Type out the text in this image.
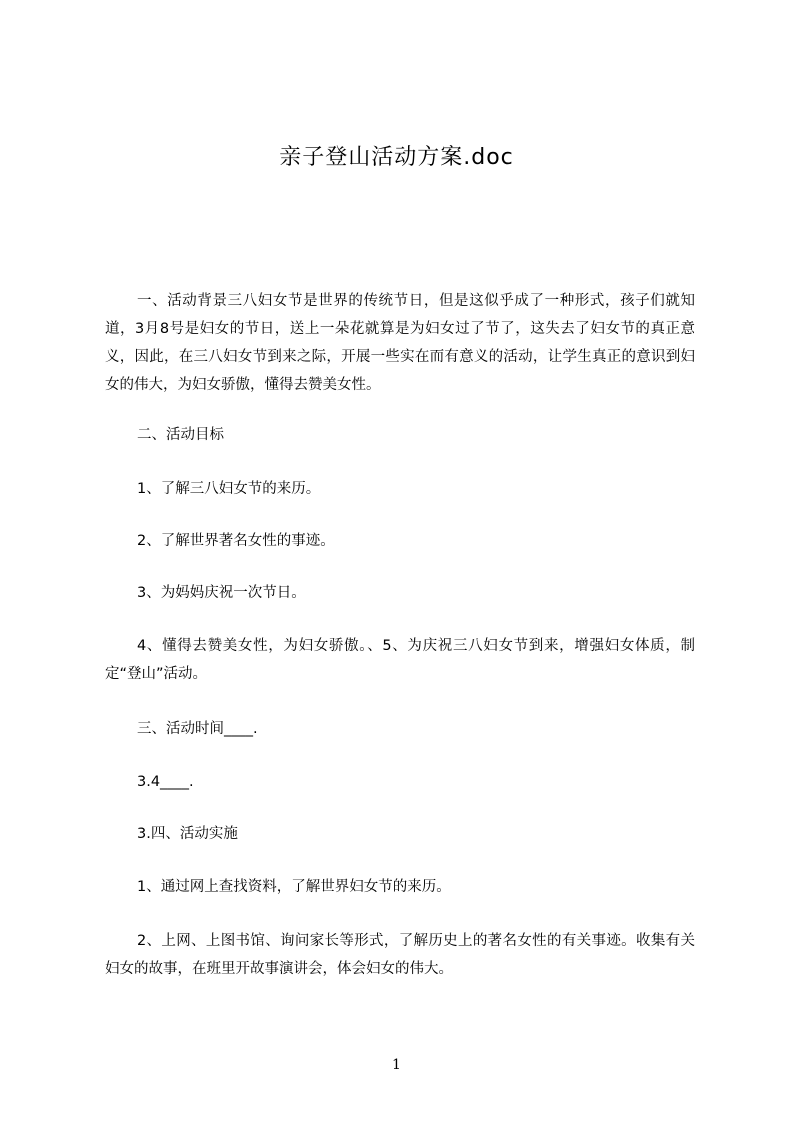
亲子登山活动方案.doc
一、活动背景三八妇女节是世界的传统节日，但是这似乎成了一种形式，孩子们就知道，3月8号是妇女的节日，送上一朵花就算是为妇女过了节了，这失去了妇女节的真正意义，因此，在三八妇女节到来之际，开展一些实在而有意义的活动，让学生真正的意识到妇女的伟大，为妇女骄傲，懂得去赞美女性。
二、活动目标
1、了解三八妇女节的来历。
2、了解世界著名女性的事迹。
3、为妈妈庆祝一次节日。
4、懂得去赞美女性，为妇女骄傲。、5、为庆祝三八妇女节到来，增强妇女体质，制定“登山”活动。
三、活动时间____.
3.4____.
3.四、活动实施
1、通过网上查找资料，了解世界妇女节的来历。
2、上网、上图书馆、询问家长等形式，了解历史上的著名女性的有关事迹。收集有关妇女的故事，在班里开故事演讲会，体会妇女的伟大。
1
